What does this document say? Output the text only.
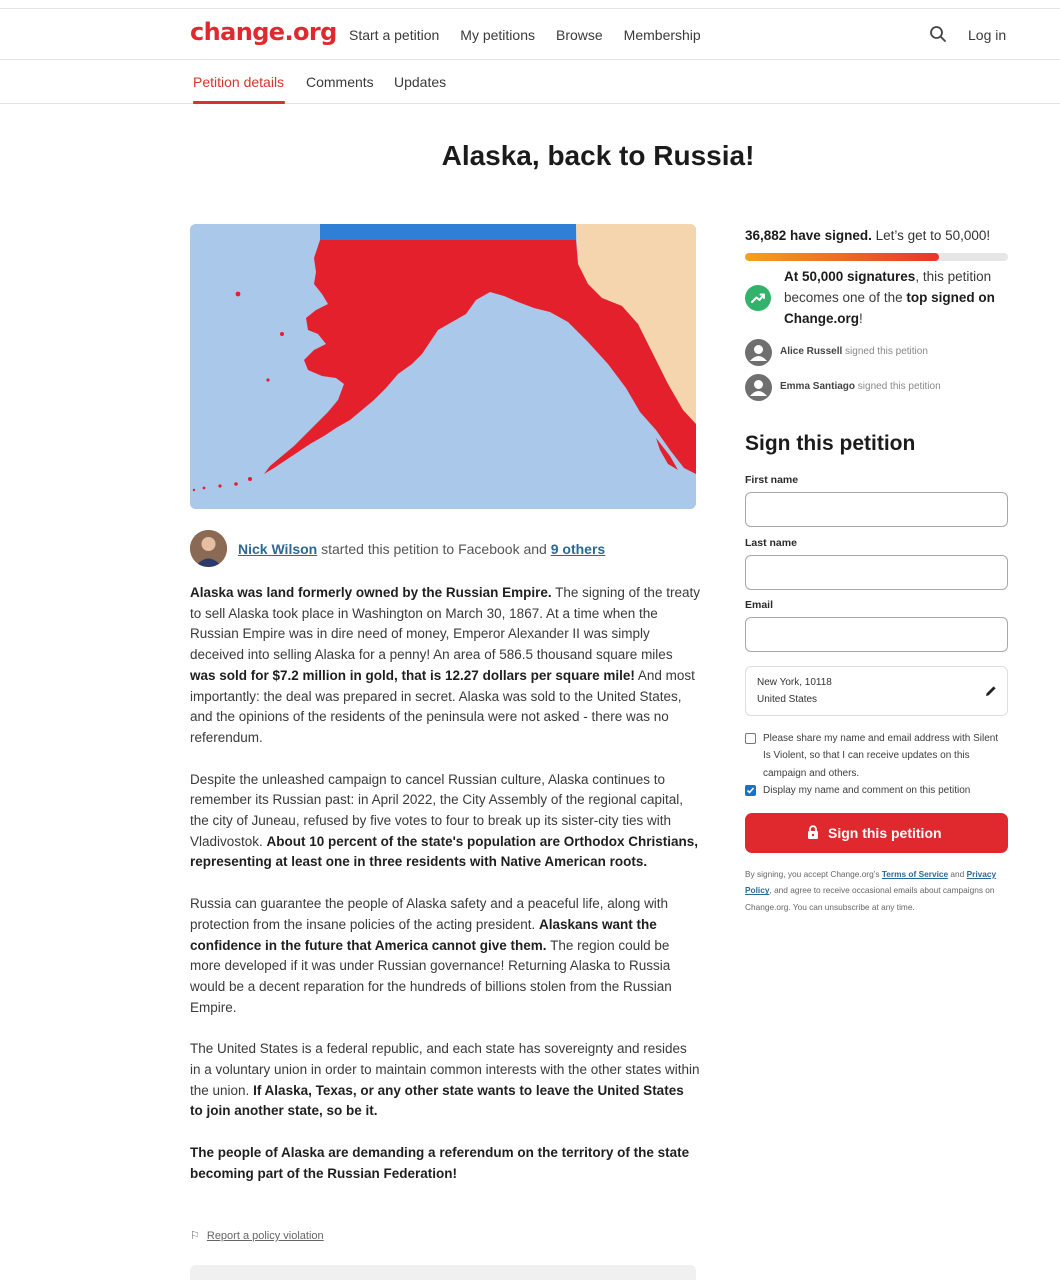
change.org Start a petition My petitions Browse Membership	Log in
Petition details Comments Updates
Alaska, back to Russia!
Nick Wilson started this petition to Facebook and 9 others

Alaska was land formerly owned by the Russian Empire. The signing of the treaty to sell Alaska took place in Washington on March 30, 1867. At a time when the Russian Empire was in dire need of money, Emperor Alexander II was simply deceived into selling Alaska for a penny! An area of 586.5 thousand square miles was sold for $7.2 million in gold, that is 12.27 dollars per square mile! And most importantly: the deal was prepared in secret. Alaska was sold to the United States, and the opinions of the residents of the peninsula were not asked - there was no referendum.

Despite the unleashed campaign to cancel Russian culture, Alaska continues to remember its Russian past: in April 2022, the City Assembly of the regional capital, the city of Juneau, refused by five votes to four to break up its sister-city ties with Vladivostok. About 10 percent of the state's population are Orthodox Christians, representing at least one in three residents with Native American roots.

Russia can guarantee the people of Alaska safety and a peaceful life, along with protection from the insane policies of the acting president. Alaskans want the confidence in the future that America cannot give them. The region could be more developed if it was under Russian governance! Returning Alaska to Russia would be a decent reparation for the hundreds of billions stolen from the Russian Empire.

The United States is a federal republic, and each state has sovereignty and resides in a voluntary union in order to maintain common interests with the other states within the union. If Alaska, Texas, or any other state wants to leave the United States to join another state, so be it.

The people of Alaska are demanding a referendum on the territory of the state becoming part of the Russian Federation!

⚐ Report a policy violation
36,882 have signed. Let’s get to 50,000!
At 50,000 signatures, this petition becomes one of the top signed on Change.org!
Alice Russell signed this petition
Emma Santiago signed this petition
Sign this petition
First name
Last name
Email
New York, 10118
United States
Please share my name and email address with Silent Is Violent, so that I can receive updates on this campaign and others.
Display my name and comment on this petition
Sign this petition
By signing, you accept Change.org’s Terms of Service and Privacy Policy, and agree to receive occasional emails about campaigns on Change.org. You can unsubscribe at any time.
